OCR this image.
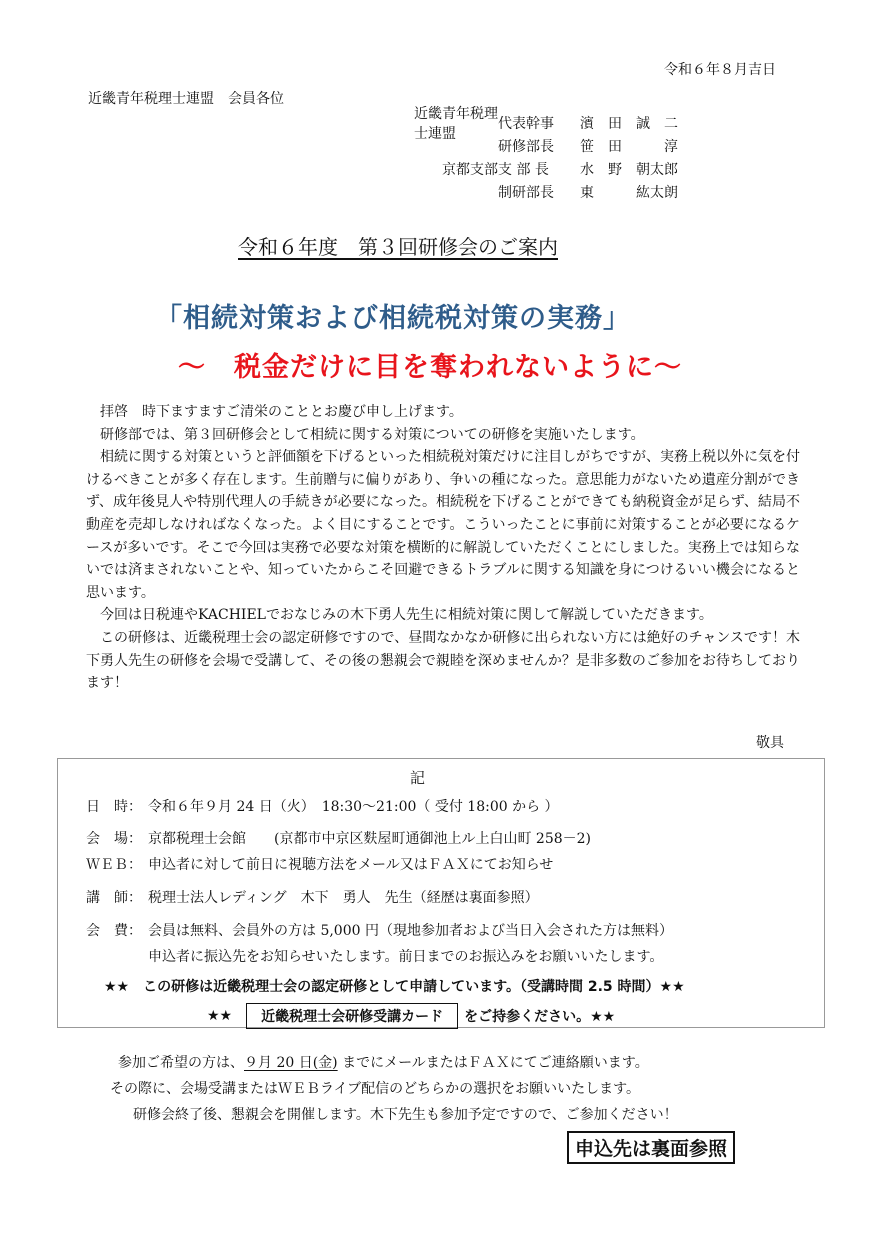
令和６年８月吉日
近畿青年税理士連盟　会員各位
近畿青年税理士連盟
代表幹事	濱　田　誠　二
研修部長	笹　田　　　淳
京都支部 支 部 長	水　野　朝太郎
制研部長	東　　　紘太朗
令和６年度　第３回研修会のご案内
「相続対策および相続税対策の実務」
～　税金だけに目を奪われないように～

拝啓　時下ますますご清栄のこととお慶び申し上げます。

研修部では、第３回研修会として相続に関する対策についての研修を実施いたします。

相続に関する対策というと評価額を下げるといった相続税対策だけに注目しがちですが、実務上税以外に気を付けるべきことが多く存在します。生前贈与に偏りがあり、争いの種になった。意思能力がないため遺産分割ができず、成年後見人や特別代理人の手続きが必要になった。相続税を下げることができても納税資金が足らず、結局不動産を売却しなければなくなった。よく目にすることです。こういったことに事前に対策することが必要になるケースが多いです。そこで今回は実務で必要な対策を横断的に解説していただくことにしました。実務上では知らないでは済まされないことや、知っていたからこそ回避できるトラブルに関する知識を身につけるいい機会になると思います。

今回は日税連やKACHIELでおなじみの木下勇人先生に相続対策に関して解説していただきます。

この研修は、近畿税理士会の認定研修ですので、昼間なかなか研修に出られない方には絶好のチャンスです！木下勇人先生の研修を会場で受講して、その後の懇親会で親睦を深めませんか？是非多数のご参加をお待ちしております！

敬具
記
日　時： 令和６年９月 24 日（火）　18:30～21:00（ 受付 18:00 から ）
会　場： 京都税理士会館　　(京都市中京区麩屋町通御池上ル上白山町 258－2)
ＷＥＢ： 申込者に対して前日に視聴方法をメール又はＦＡＸにてお知らせ
講　師： 税理士法人レディング　木下　勇人　先生（経歴は裏面参照）
会　費： 会員は無料、会員外の方は 5,000 円（現地参加者および当日入会された方は無料）
申込者に振込先をお知らせいたします。前日までのお振込みをお願いいたします。
★★　この研修は近畿税理士会の認定研修として申請しています。（受講時間 2.5 時間）★★
★★	近畿税理士会研修受講カード	をご持参ください。★★
参加ご希望の方は、９月 20 日(金) までにメールまたはＦＡＸにてご連絡願います。
その際に、会場受講またはＷＥＢライブ配信のどちらかの選択をお願いいたします。
研修会終了後、懇親会を開催します。木下先生も参加予定ですので、ご参加ください！
申込先は裏面参照
